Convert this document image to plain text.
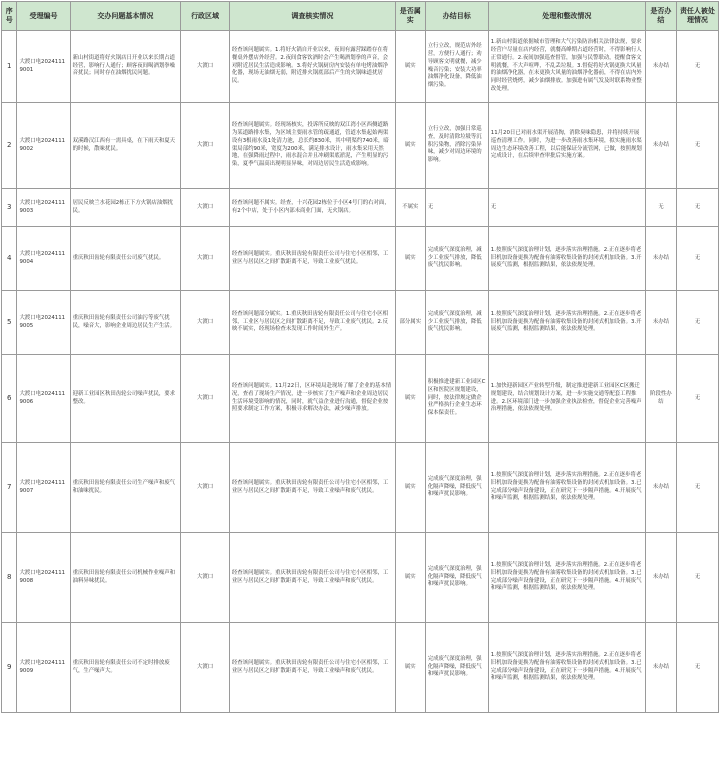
序号	受理编号	交办问题基本情况	行政区域	调查核实情况	是否属实	办结目标	处理和整改情况	是否办结	责任人被处理情况
1	大渡口电20241119001	新山村街道将好火锅店日开业以来长期占道经营，影响行人通行；顾客夜间喝酒划拳噪音扰民；同时存在油烟扰民问题。	大渡口	经查该问题属实。1.将好火锅自开业以来，夜间有露营踩踏存在将餐桌外摆店外经营。2.夜间食客饮酒时会产生喝酒划拳的声音，会对附近居民生活造成影响。3.将好火锅厨房内安装有单电烤油烟净化器，现场无油烟无弱，附近排火锅底部后产生的火锅味道扰居民。	属实	立行立改，规范店外经营，方便行人通行；劝导顾客文明就餐，减少噪音污染；安装大功率油烟净化设备，降低油烟污染。	1.新山村街道依据城市管理和大气污染防治相关法律法规，要求经营户尽量在店内经营，就餐高峰期占道经营时，不得影响行人正常通行。2.夜间加强巡查督管，加强与民警联动，提醒食客文明就餐，不大声喧哗，不乱丢垃圾。3.督促将好火锅更换大风量的油烟净化器，在未更换大风量的油烟净化器前，不得在店内外同时经营烧烤，减少油烟排放。加强进有属气发及时联系物业整改处理。	未办结	无
2	大渡口电20241119002	双溪路汉江西有一需具桌，在下雨天和夏天的时候，散味扰民。	大渡口	经查该问题属实。经现场核实，投诉所反映的双江湾小区西侧道路为某道路排水集，为区域主要雨水管的疏通道，管道水集起始两渠设有3根雨水及1处清力池，总长约830米，其中明渠约740米，暗渠局部约90米，宽度为200米，满足排水设计，雨水集采用天然地，在强降雨过程中，雨水混合并且冲刷渠底淤泥，产生明显的污染，夏季气温高出现明显异味，对周边居民生活造成影响。	属实	立行立改，加强日常巡查，及时清除垃圾等沉积污染物，消除污染异味，减少对周边环境的影响。	11月20日已对雨水渠开展清掏，消除臭味隐患，并将持续开展巡查清理工作。同时，为进一步改善雨水集环境，拟实施雨水渠周边生态环境改善工程，以后能保证分流管网，已做，按照规划完成设计，在后续审查审批后实施方案。	未办结	无
3	大渡口电20241119003	居民反映兰水花园2栋正下方火锅店油烟扰民。	大渡口	经查该问题不属实。经查，十兴花园2栋位于小区4号门的右对面，有2个中店，处于小区内部未商业门面，无火锅店。	不属实	无	无	无	无
4	大渡口电20241119004	重庆秋田齿轮有限责任公司废气扰民。	大渡口	经查该问题属实。重庆秋田齿轮有限责任公司与住宅小区相邻，工业区与居民区之间扩散距离不足，导致工业废气扰民。	属实	完成废气深度治理，减少工业废气排放，降低废气扰民影响。	1.按照废气深度治理计划，逐步落实治理措施。2.正在逐步将老旧机加设备更换为配备有油雾收集设备的封闭式机加设备。3.开展废气监测，根据监测结果，依法依规处理。	未办结	无
5	大渡口电20241119005	重庆秋田齿轮有限责任公司油污等废气扰民，噪音大，影响企业周边居民生产生活。	大渡口	经查该问题部分属实。1.重庆秋田齿轮有限责任公司与住宅小区相邻，工业区与居民区之间扩散距离不足，导致工业废气扰民。2.反映不属实，经现场检查未发现工作时间外生产。	部分属实	完成废气深度治理，减少工业废气排放，降低废气扰民影响。	1.按照废气深度治理计划，逐步落实治理措施。2.正在逐步将老旧机加设备更换为配备有油雾收集设备的封闭式机加设备。3.开展废气监测，根据监测结果，依法依规处理。	未办结	无
6	大渡口电20241119006	迎新工业园区秋田齿轮公司噪声扰民，要求整改。	大渡口	经查该问题属实。11月22日，区环境局赴现场了解了企业的基本情况，查看了现场生产情况，进一步核实了生产噪声和企业周边居民生活环境受影响的情况，同时，就气益企业进行沟通，督促企业按照要求制定工作方案，积极寻求解决办法，减少噪声排放。	属实	积极推进建新工业园区C区和医院区规划建设，同时，按法律规定做企业严格执行企业生态环保本保责任。	1.加快迎新园区产业转型升级，制定推进建新工业园区C区搬迁规划建设，结合规划设计方案，进一步实施交通等配套工程推进。2.区环境部门进一步加强企业执法检查，督促企业完善噪声治理措施，依法依规处理。	阶段性办结	无
7	大渡口电20241119007	重庆秋田齿轮有限责任公司生产噪声和废气和油味扰民。	大渡口	经查该问题属实。重庆秋田齿轮有限责任公司与住宅小区相邻，工业区与居民区之间扩散距离不足，导致工业噪声和废气扰民。	属实	完成废气深度治理，强化隔声降噪，降低废气和噪声扰民影响。	1.按照废气深度治理计划，逐步落实治理措施。2.正在逐步将老旧机加设备更换为配备有油雾收集设备的封闭式机加设备。3.已完成部分噪声设备建设，正在研究下一步隔声措施。4.开展废气和噪声监测，根据监测结果，依法依规处理。	未办结	无
8	大渡口电20241119008	重庆秋田齿轮有限责任公司机械作业噪声和油料异味扰民。	大渡口	经查该问题属实。重庆秋田齿轮有限责任公司与住宅小区相邻，工业区与居民区之间扩散距离不足，导致工业噪声和废气扰民。	属实	完成废气深度治理，强化隔声降噪，降低废气和噪声扰民影响。	1.按照废气深度治理计划，逐步落实治理措施。2.正在逐步将老旧机加设备更换为配备有油雾收集设备的封闭式机加设备。3.已完成部分噪声设备建设，正在研究下一步隔声措施。4.开展废气和噪声监测，根据监测结果，依法依规处理。	未办结	无
9	大渡口电20241119009	重庆秋田齿轮有限责任公司不定时排放废气，生产噪声大。	大渡口	经查该问题属实。重庆秋田齿轮有限责任公司与住宅小区相邻，工业区与居民区之间扩散距离不足，导致工业噪声和废气扰民。	属实	完成废气深度治理，强化隔声降噪，降低废气和噪声扰民影响。	1.按照废气深度治理计划，逐步落实治理措施。2.正在逐步将老旧机加设备更换为配备有油雾收集设备的封闭式机加设备。3.已完成部分噪声设备建设，正在研究下一步隔声措施。4.开展废气和噪声监测，根据监测结果，依法依规处理。	未办结	无
